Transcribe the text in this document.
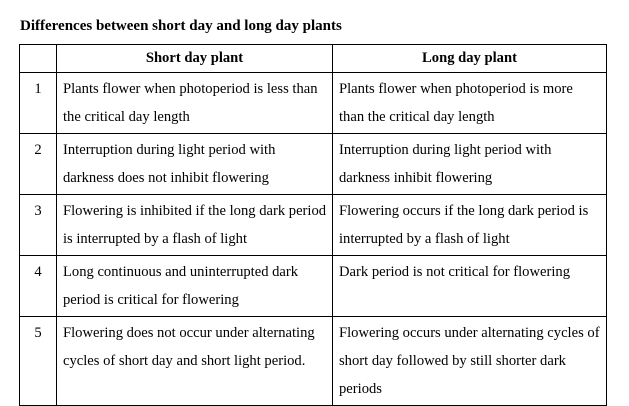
Differences between short day and long day plants
	Short day plant	Long day plant
1	Plants flower when photoperiod is less than the critical day length	Plants flower when photoperiod is more than the critical day length
2	Interruption during light period with darkness does not inhibit flowering	Interruption during light period with darkness inhibit flowering
3	Flowering is inhibited if the long dark period is interrupted by a flash of light	Flowering occurs if the long dark period is interrupted by a flash of light
4	Long continuous and uninterrupted dark period is critical for flowering	Dark period is not critical for flowering
5	Flowering does not occur under alternating cycles of short day and short light period.	Flowering occurs under alternating cycles of short day followed by still shorter dark periods
